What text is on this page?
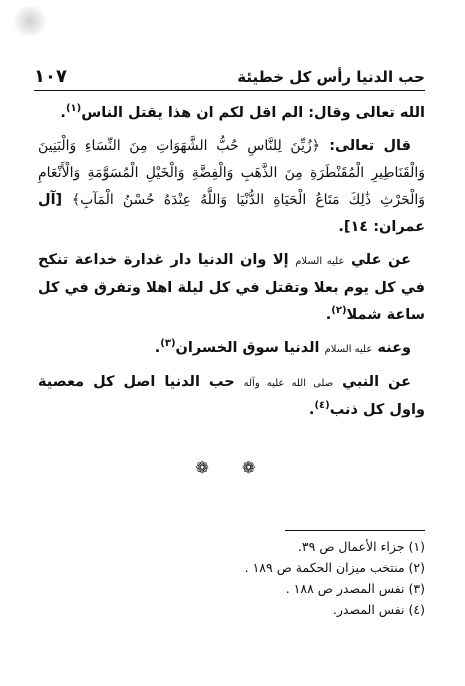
حب الدنيا رأس كل خطيئة
١٠٧

الله تعالى وقال: الم اقل لكم ان هذا يقتل الناس$^{(١)}$.

قال تعالى: ﴿زُيِّنَ لِلنَّاسِ حُبُّ الشَّهَوَاتِ مِنَ النِّسَاءِ وَالْبَنِينَ وَالْقَنَاطِيرِ الْمُقَنْطَرَةِ مِنَ الذَّهَبِ وَالْفِضَّةِ وَالْخَيْلِ الْمُسَوَّمَةِ وَالْأَنْعَامِ وَالْحَرْثِ ذَٰلِكَ مَتَاعُ الْحَيَاةِ الدُّنْيَا وَاللَّهُ عِنْدَهُ حُسْنُ الْمَآبِ﴾ [آل عمران: ١٤].

عن علي عليه السلام إلا وان الدنيا دار غدارة خداعة تنكح في كل يوم بعلا وتقتل في كل ليلة اهلا وتفرق في كل ساعة شملا$^{(٢)}$.

وعنه عليه السلام الدنيا سوق الخسران$^{(٣)}$.

عن النبي صلى الله عليه وآله حب الدنيا اصل كل معصية واول كل ذنب$^{(٤)}$.

❁ ❁
(١) جزاء الأعمال ص ٣٩.
(٢) منتخب ميزان الحكمة ص ١٨٩ .
(٣) نفس المصدر ص ١٨٨ .
(٤) نفس المصدر.
